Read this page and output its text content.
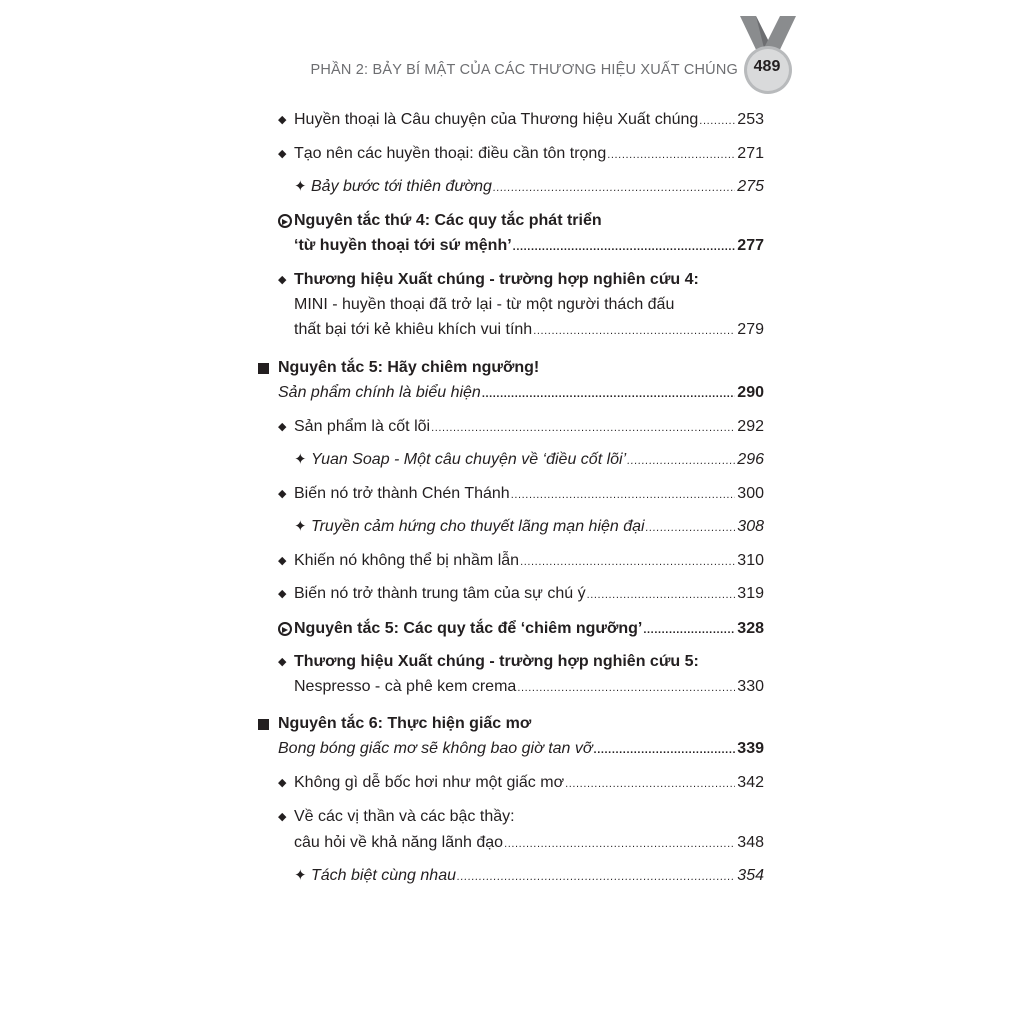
PHẦN 2: BẢY BÍ MẬT CỦA CÁC THƯƠNG HIỆU XUẤT CHÚNG 489
◆ Huyền thoại là Câu chuyện của Thương hiệu Xuất chúng ..... 253
◆ Tạo nên các huyền thoại: điều cần tôn trọng .....	271
✦ Bảy bước tới thiên đường .....	275
Nguyên tắc thứ 4: Các quy tắc phát triển
‘từ huyền thoại tới sứ mệnh’ .....	277
◆ Thương hiệu Xuất chúng - trường hợp nghiên cứu 4:
MINI - huyền thoại đã trở lại - từ một người thách đấu
thất bại tới kẻ khiêu khích vui tính .....	279
Nguyên tắc 5: Hãy chiêm ngưỡng!
Sản phẩm chính là biểu hiện .....	290
◆ Sản phẩm là cốt lõi .....	292
✦ Yuan Soap - Một câu chuyện về ‘điều cốt lõi’ .....	296
◆ Biến nó trở thành Chén Thánh .....	300
✦ Truyền cảm hứng cho thuyết lãng mạn hiện đại .....	308
◆ Khiến nó không thể bị nhầm lẫn .....	310
◆ Biến nó trở thành trung tâm của sự chú ý .....	319
Nguyên tắc 5: Các quy tắc để ‘chiêm ngưỡng’ .....	328
◆ Thương hiệu Xuất chúng - trường hợp nghiên cứu 5:
Nespresso - cà phê kem crema .....	330
Nguyên tắc 6: Thực hiện giấc mơ
Bong bóng giấc mơ sẽ không bao giờ tan vỡ .....	339
◆ Không gì dễ bốc hơi như một giấc mơ .....	342
◆ Về các vị thần và các bậc thầy:
câu hỏi về khả năng lãnh đạo .....	348
✦ Tách biệt cùng nhau .....	354
